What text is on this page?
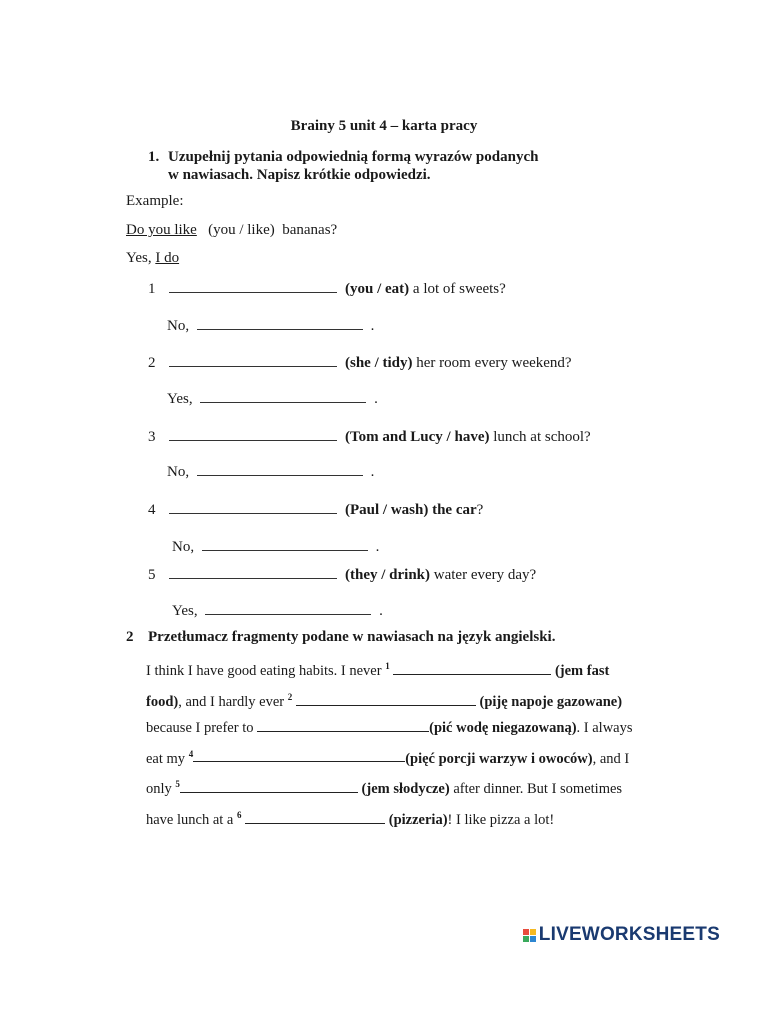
Brainy 5 unit 4 – karta pracy
1. Uzupełnij pytania odpowiednią formą wyrazów podanych
w nawiasach. Napisz krótkie odpowiedzi.
Example:
Do you like (you / like) bananas?
Yes, I do
1	(you / eat) a lot of sweets?
No,	.
2	(she / tidy) her room every weekend?
Yes,	.
3	(Tom and Lucy / have) lunch at school?
No,	.
4	(Paul / wash) the car?
No,	.
5	(they / drink) water every day?
Yes,	.
2 Przetłumacz fragmenty podane w nawiasach na język angielski.
I think I have good eating habits. I never $^1$	(jem fast food), and I hardly ever $^2$	(piję napoje gazowane) because I prefer to	(pić wodę niegazowaną). I always eat my $^4$	(pięć porcji warzyw i owoców), and I only $^5$	(jem słodycze) after dinner. But I sometimes have lunch at a $^6$	(pizzeria)! I like pizza a lot!
LIVEWORKSHEETS
